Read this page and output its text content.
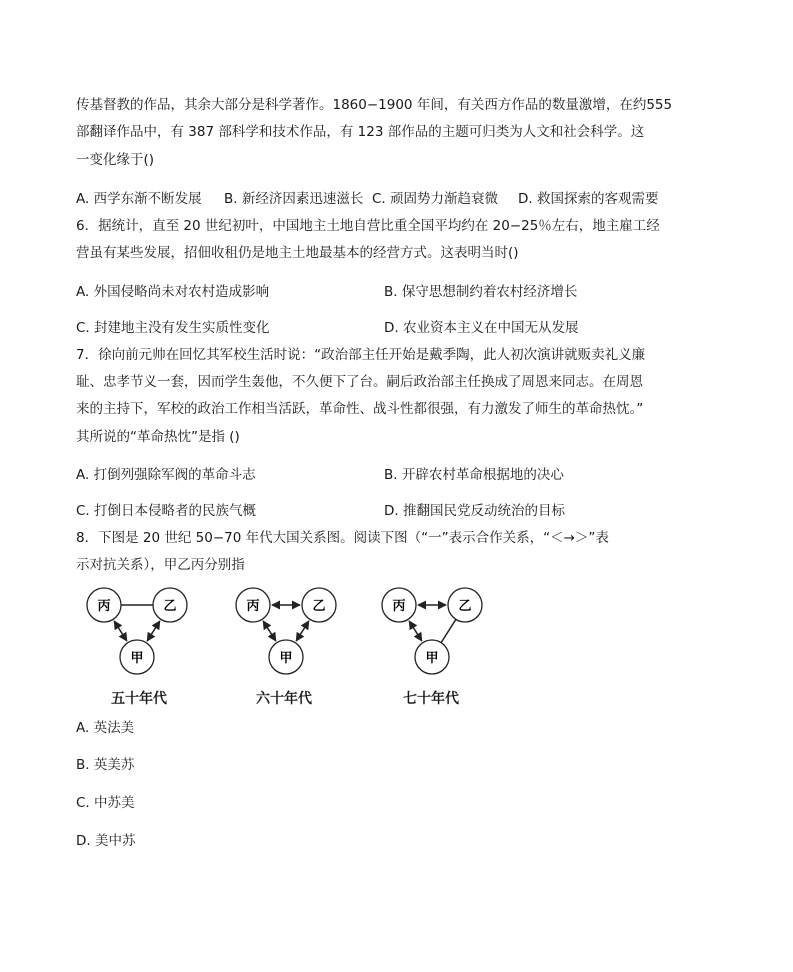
传基督教的作品，其余大部分是科学著作。1860−1900 年间，有关西方作品的数量激增，在约555
部翻译作品中，有 387 部科学和技术作品，有 123 部作品的主题可归类为人文和社会科学。这
一变化缘于()
A. 西学东渐不断发展 B. 新经济因素迅速滋长 C. 顽固势力渐趋衰微 D. 救国探索的客观需要
6．据统计，直至 20 世纪初叶，中国地主土地自营比重全国平均约在 20−25％左右，地主雇工经
营虽有某些发展，招佃收租仍是地主土地最基本的经营方式。这表明当时()
A. 外国侵略尚未对农村造成影响	B. 保守思想制约着农村经济增长
C. 封建地主没有发生实质性变化	D. 农业资本主义在中国无从发展
7．徐向前元帅在回忆其军校生活时说：“政治部主任开始是戴季陶，此人初次演讲就贩卖礼义廉
耻、忠孝节义一套，因而学生轰他，不久便下了台。嗣后政治部主任换成了周恩来同志。在周恩
来的主持下，军校的政治工作相当活跃，革命性、战斗性都很强，有力激发了师生的革命热忱。”
其所说的“革命热忱”是指 ()
A. 打倒列强除军阀的革命斗志	B. 开辟农村革命根据地的决心
C. 打倒日本侵略者的民族气概	D. 推翻国民党反动统治的目标
8．下图是 20 世纪 50−70 年代大国关系图。阅读下图（“一”表示合作关系，“＜→＞”表
示对抗关系），甲乙丙分别指
丙	乙
甲
丙	乙
甲
丙	乙
甲
五十年代	六十年代	七十年代
A. 英法美
B. 英美苏
C. 中苏美
D. 美中苏
